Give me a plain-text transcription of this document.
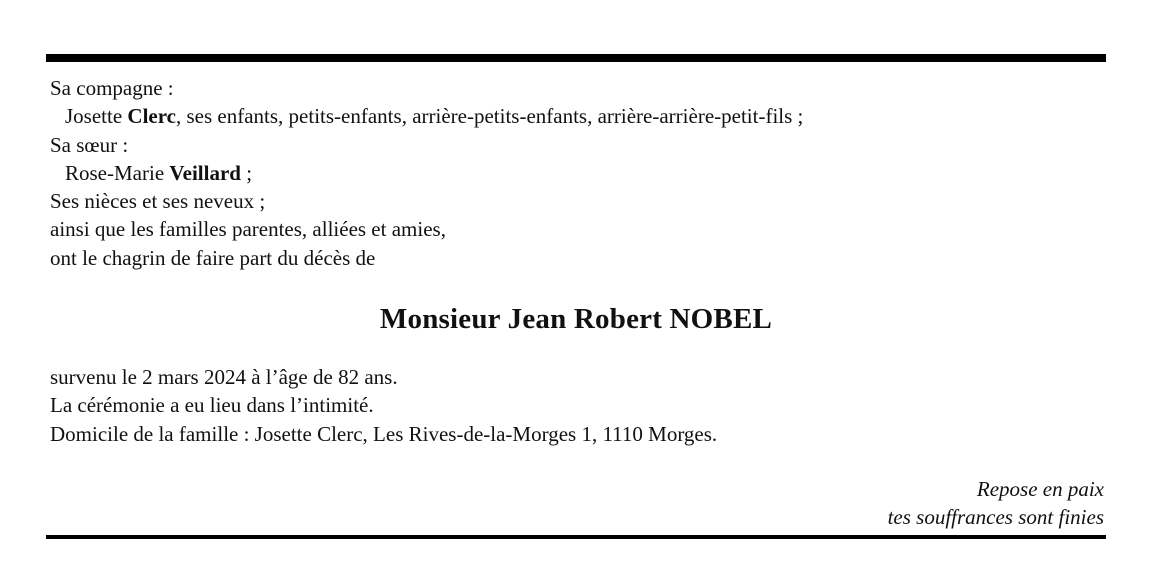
Sa compagne :
Josette Clerc, ses enfants, petits-enfants, arrière-petits-enfants, arrière-arrière-petit-fils ;
Sa sœur :
Rose-Marie Veillard ;
Ses nièces et ses neveux ;
ainsi que les familles parentes, alliées et amies,
ont le chagrin de faire part du décès de
Monsieur Jean Robert NOBEL
survenu le 2 mars 2024 à l’âge de 82 ans.
La cérémonie a eu lieu dans l’intimité.
Domicile de la famille : Josette Clerc, Les Rives-de-la-Morges 1, 1110 Morges.
Repose en paix
tes souffrances sont finies
